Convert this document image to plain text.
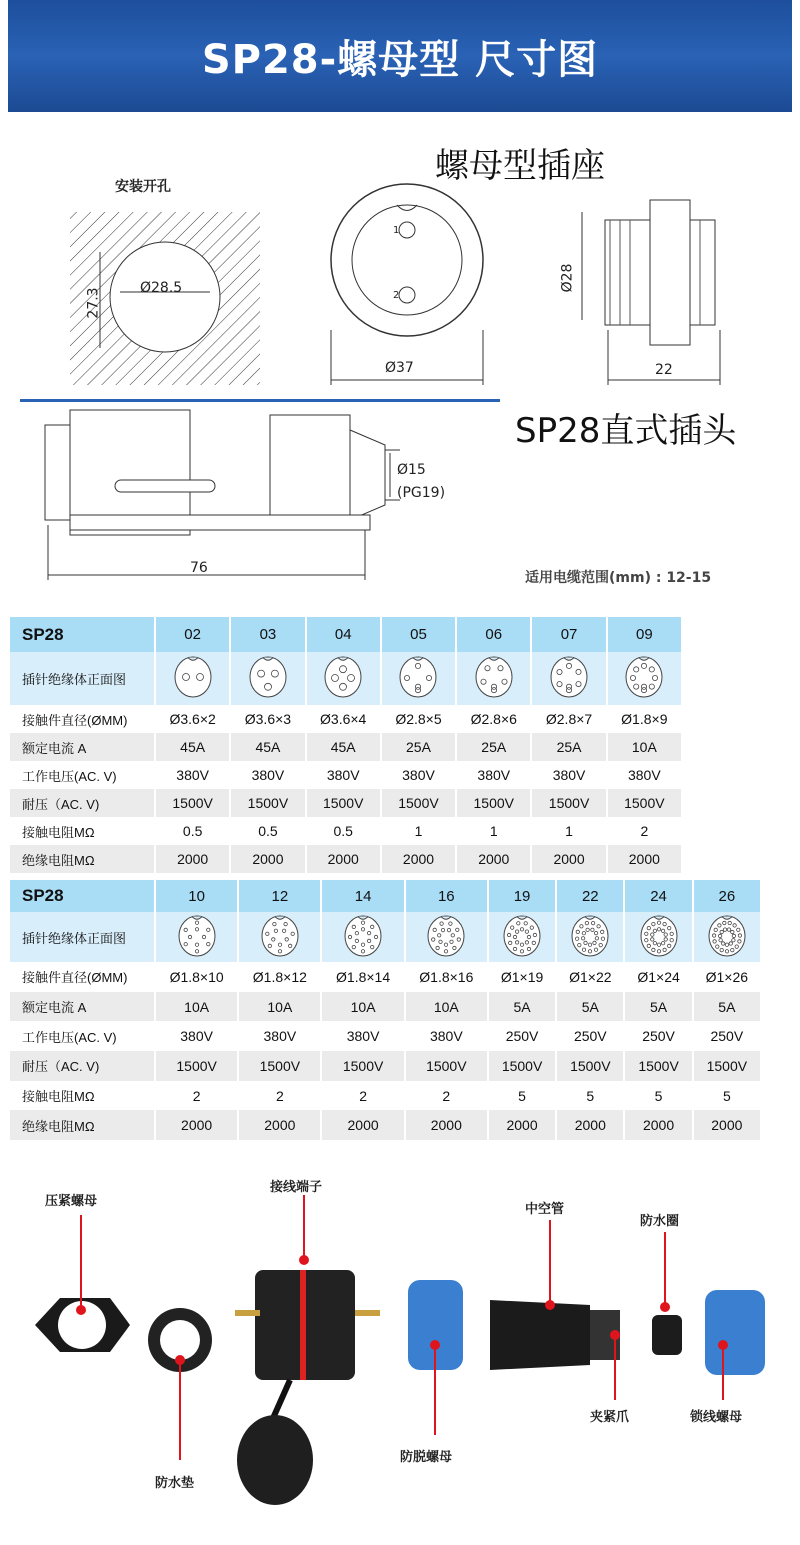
SP28-螺母型 尺寸图
螺母型插座
安装开孔
Ø28.5
27.3
1
2
Ø37
Ø28
22
SP28直式插头
Ø15
(PG19)
76
适用电缆范围(mm) : 12-15
SP28	02	03	04	05	06	07	09
插针绝缘体正面图							
接触件直径(ØMM)	Ø3.6×2	Ø3.6×3	Ø3.6×4	Ø2.8×5	Ø2.8×6	Ø2.8×7	Ø1.8×9
额定电流 A	45A	45A	45A	25A	25A	25A	10A
工作电压(AC. V)	380V	380V	380V	380V	380V	380V	380V
耐压（AC. V)	1500V	1500V	1500V	1500V	1500V	1500V	1500V
接触电阻MΩ	0.5	0.5	0.5	1	1	1	2
绝缘电阻MΩ	2000	2000	2000	2000	2000	2000	2000
SP28	10	12	14	16	19	22	24	26
插针绝缘体正面图								
接触件直径(ØMM)	Ø1.8×10	Ø1.8×12	Ø1.8×14	Ø1.8×16	Ø1×19	Ø1×22	Ø1×24	Ø1×26
额定电流 A	10A	10A	10A	10A	5A	5A	5A	5A
工作电压(AC. V)	380V	380V	380V	380V	250V	250V	250V	250V
耐压（AC. V)	1500V	1500V	1500V	1500V	1500V	1500V	1500V	1500V
接触电阻MΩ	2	2	2	2	5	5	5	5
绝缘电阻MΩ	2000	2000	2000	2000	2000	2000	2000	2000
压紧螺母
接线端子
中空管
防水圈
防水垫
防脱螺母
夹紧爪	锁线螺母
